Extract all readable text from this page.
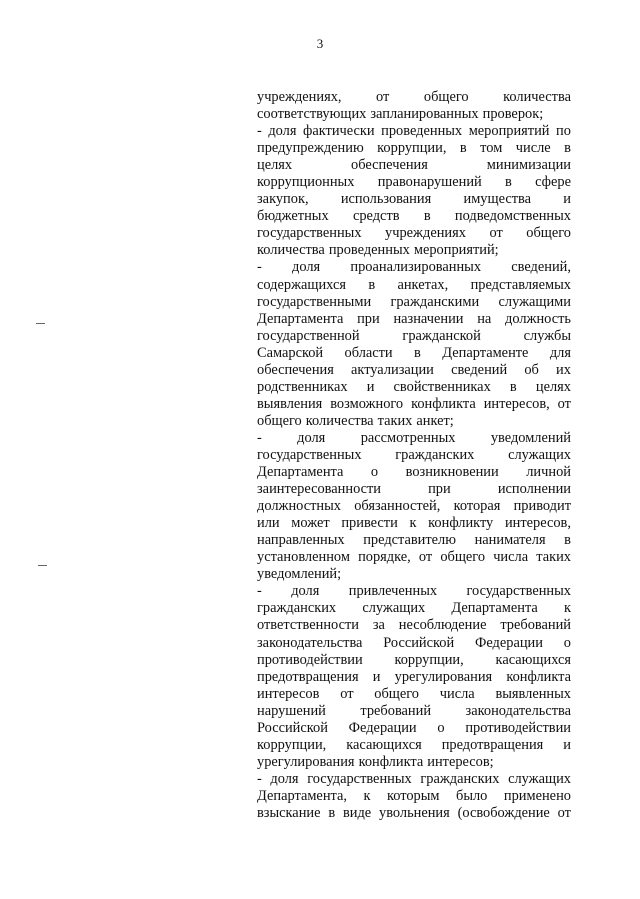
3
учреждениях, от общего количества
соответствующих запланированных проверок;
- доля фактически проведенных мероприятий по
предупреждению коррупции, в том числе в
целях	обеспечения	минимизации
коррупционных правонарушений в сфере
закупок, использования имущества и
бюджетных средств в подведомственных
государственных учреждениях от общего
количества проведенных мероприятий;
- доля проанализированных сведений,
содержащихся в анкетах, представляемых
государственными гражданскими служащими
Департамента при назначении на должность
государственной	гражданской	службы
Самарской области в Департаменте для
обеспечения актуализации сведений об их
родственниках и свойственниках в целях
выявления возможного конфликта интересов, от
общего количества таких анкет;
- доля рассмотренных уведомлений
государственных гражданских служащих
Департамента о возникновении личной
заинтересованности	при	исполнении
должностных обязанностей, которая приводит
или может привести к конфликту интересов,
направленных представителю нанимателя в
установленном порядке, от общего числа таких
уведомлений;
- доля привлеченных государственных
гражданских служащих Департамента к
ответственности за несоблюдение требований
законодательства Российской Федерации о
противодействии коррупции, касающихся
предотвращения и урегулирования конфликта
интересов от общего числа выявленных
нарушений требований законодательства
Российской Федерации о противодействии
коррупции, касающихся предотвращения и
урегулирования конфликта интересов;
- доля государственных гражданских служащих
Департамента, к которым было применено
взыскание в виде увольнения (освобождение от
